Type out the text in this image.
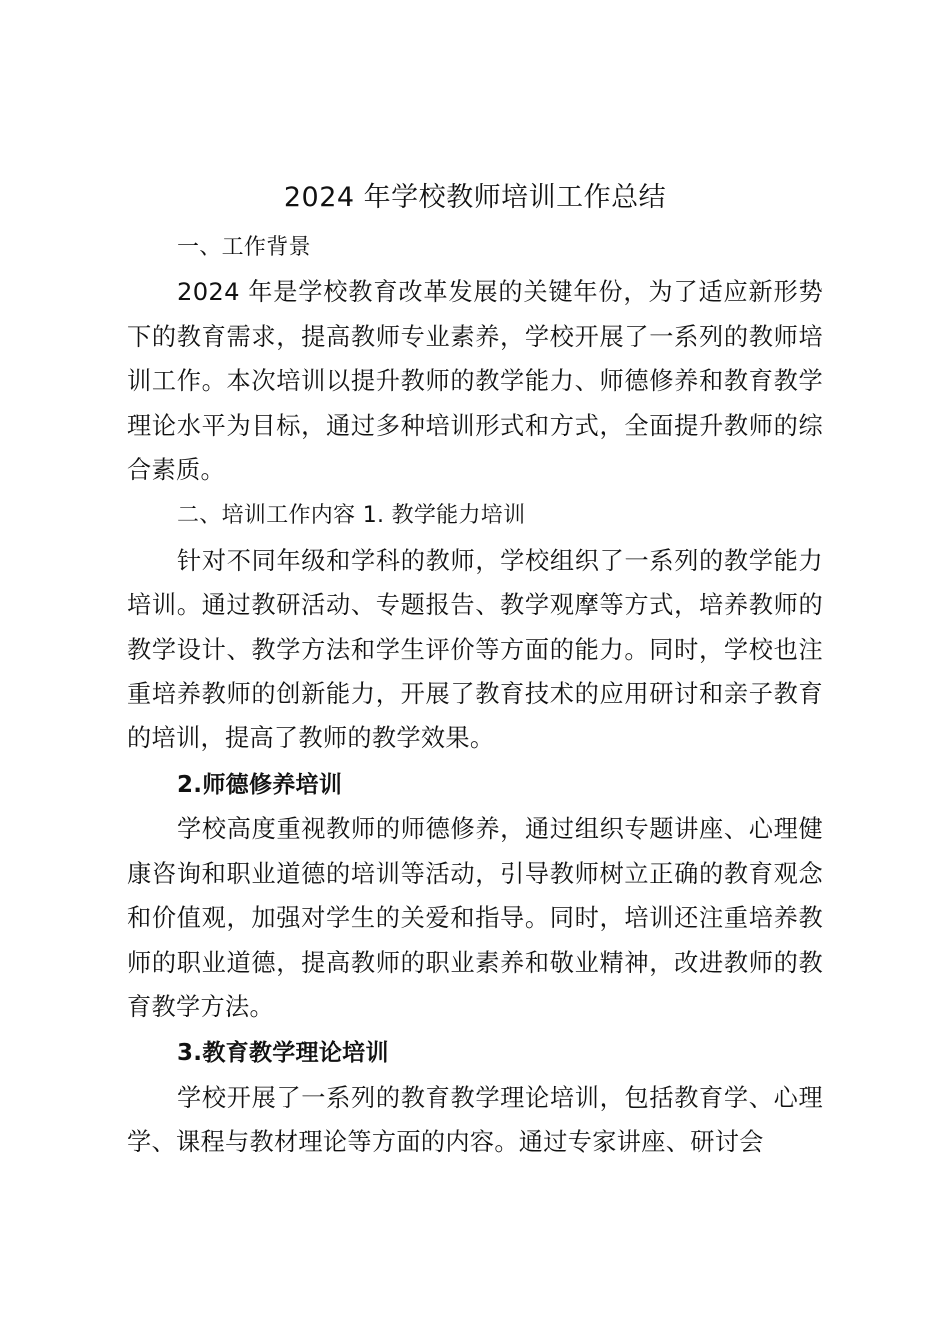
2024 年学校教师培训工作总结

一、工作背景

2024 年是学校教育改革发展的关键年份，为了适应新形势下的教育需求，提高教师专业素养，学校开展了一系列的教师培训工作。本次培训以提升教师的教学能力、师德修养和教育教学理论水平为目标，通过多种培训形式和方式，全面提升教师的综合素质。

二、培训工作内容 1. 教学能力培训

针对不同年级和学科的教师，学校组织了一系列的教学能力培训。通过教研活动、专题报告、教学观摩等方式，培养教师的教学设计、教学方法和学生评价等方面的能力。同时，学校也注重培养教师的创新能力，开展了教育技术的应用研讨和亲子教育的培训，提高了教师的教学效果。

2.师德修养培训

学校高度重视教师的师德修养，通过组织专题讲座、心理健康咨询和职业道德的培训等活动，引导教师树立正确的教育观念和价值观，加强对学生的关爱和指导。同时，培训还注重培养教师的职业道德，提高教师的职业素养和敬业精神，改进教师的教育教学方法。

3.教育教学理论培训

学校开展了一系列的教育教学理论培训，包括教育学、心理学、课程与教材理论等方面的内容。通过专家讲座、研讨会
